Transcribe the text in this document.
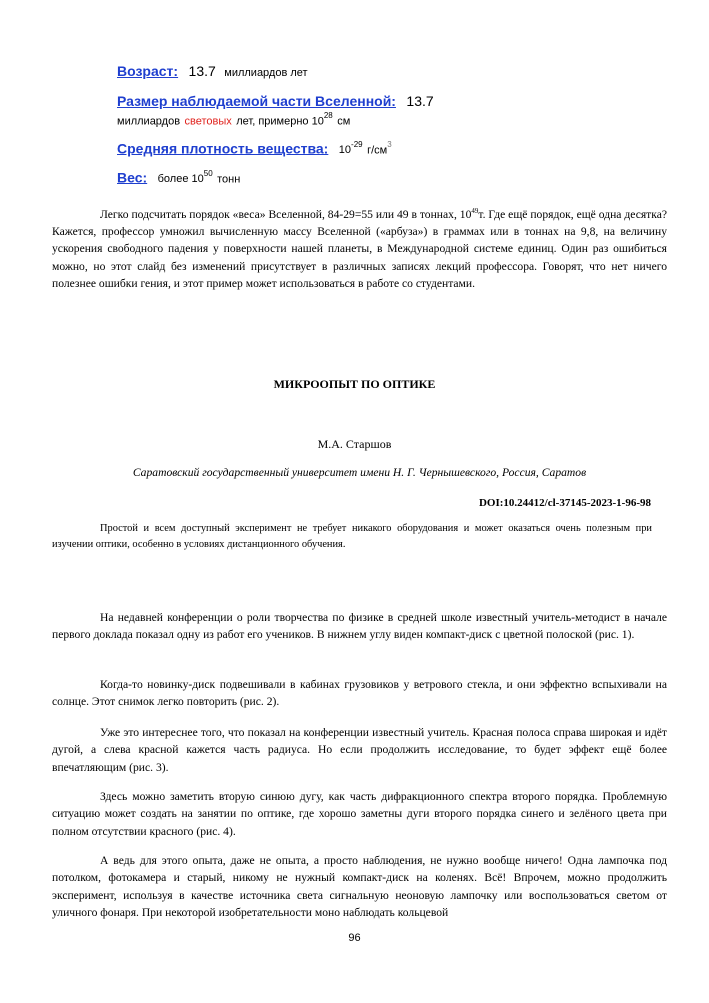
Возраст: 13.7 миллиардов лет
Размер наблюдаемой части Вселенной: 13.7
миллиардов световых лет, примерно $10^{28}$ см
Средняя плотность вещества: $10^{-29}$ $г/см^3$
Вес: более $10^{50}$ тонн
Легко подсчитать порядок «веса» Вселенной, 84-29=55 или 49 в тоннах, $10^{49}т$. Где ещё порядок, ещё одна десятка? Кажется, профессор умножил вычисленную массу Вселенной («арбуза») в граммах или в тоннах на 9,8, на величину ускорения свободного падения у поверхности нашей планеты, в Международной системе единиц. Один раз ошибиться можно, но этот слайд без изменений присутствует в различных записях лекций профессора. Говорят, что нет ничего полезнее ошибки гения, и этот пример может использоваться в работе со студентами.
МИКРООПЫТ ПО ОПТИКЕ
М.А. Старшов
Саратовский государственный университет имени Н. Г. Чернышевского, Россия, Саратов
DOI:10.24412/cl-37145-2023-1-96-98
Простой и всем доступный эксперимент не требует никакого оборудования и может оказаться очень полезным при изучении оптики, особенно в условиях дистанционного обучения.
На недавней конференции о роли творчества по физике в средней школе известный учитель-методист в начале первого доклада показал одну из работ его учеников. В нижнем углу виден компакт-диск с цветной полоской (рис. 1).
Когда-то новинку-диск подвешивали в кабинах грузовиков у ветрового стекла, и они эффектно вспыхивали на солнце. Этот снимок легко повторить (рис. 2).
Уже это интереснее того, что показал на конференции известный учитель. Красная полоса справа широкая и идёт дугой, а слева красной кажется часть радиуса. Но если продолжить исследование, то будет эффект ещё более впечатляющим (рис. 3).
Здесь можно заметить вторую синюю дугу, как часть дифракционного спектра второго порядка. Проблемную ситуацию может создать на занятии по оптике, где хорошо заметны дуги второго порядка синего и зелёного цвета при полном отсутствии красного (рис. 4).
А ведь для этого опыта, даже не опыта, а просто наблюдения, не нужно вообще ничего! Одна лампочка под потолком, фотокамера и старый, никому не нужный компакт-диск на коленях. Всё! Впрочем, можно продолжить эксперимент, используя в качестве источника света сигнальную неоновую лампочку или воспользоваться светом от уличного фонаря. При некоторой изобретательности моно наблюдать кольцевой
96
